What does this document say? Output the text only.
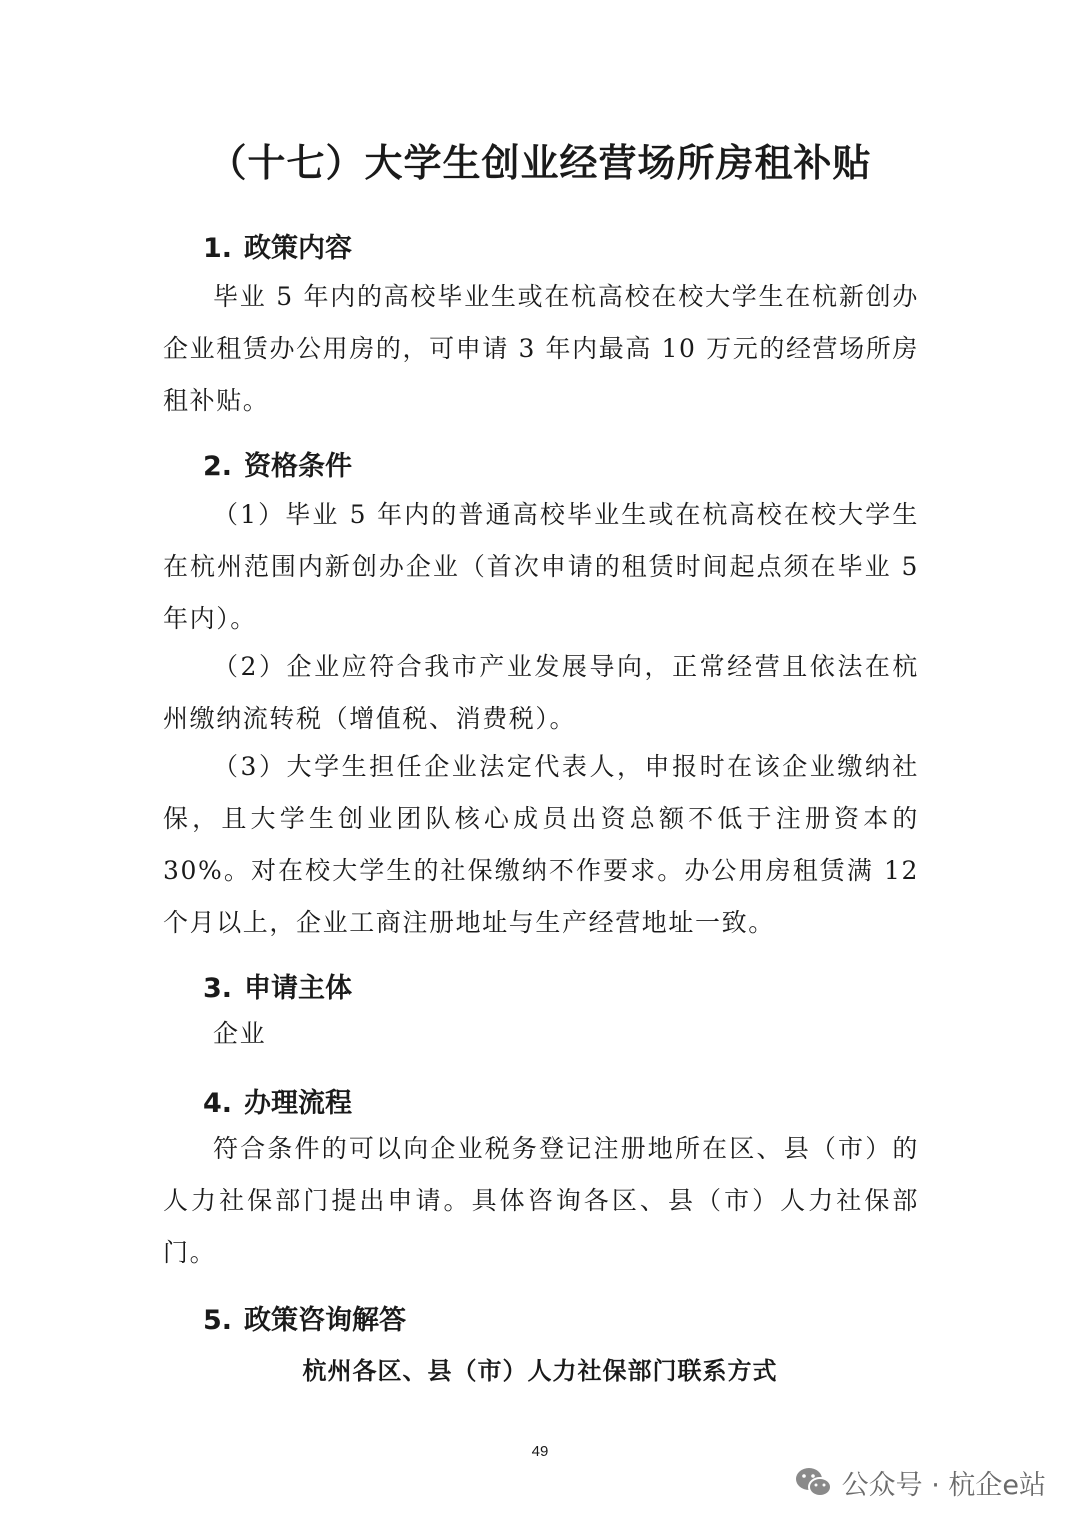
（十七）大学生创业经营场所房租补贴
1. 政策内容

毕业 5 年内的高校毕业生或在杭高校在校大学生在杭新创办企业租赁办公用房的，可申请 3 年内最高 10 万元的经营场所房租补贴。

2. 资格条件

（1）毕业 5 年内的普通高校毕业生或在杭高校在校大学生在杭州范围内新创办企业（首次申请的租赁时间起点须在毕业 5 年内）。

（2）企业应符合我市产业发展导向，正常经营且依法在杭州缴纳流转税（增值税、消费税）。

（3）大学生担任企业法定代表人，申报时在该企业缴纳社保，且大学生创业团队核心成员出资总额不低于注册资本的 30%。对在校大学生的社保缴纳不作要求。办公用房租赁满 12 个月以上，企业工商注册地址与生产经营地址一致。

3. 申请主体

企业

4. 办理流程

符合条件的可以向企业税务登记注册地所在区、县（市）的人力社保部门提出申请。具体咨询各区、县（市）人力社保部门。

5. 政策咨询解答
杭州各区、县（市）人力社保部门联系方式
49
公众号 · 杭企e站
